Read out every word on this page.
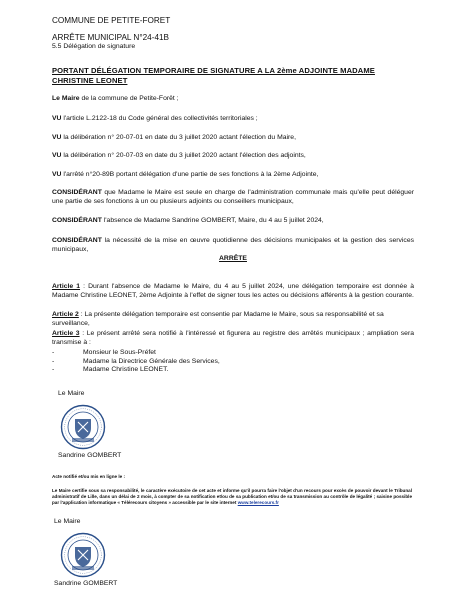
COMMUNE DE PETITE-FORET
ARRÊTE MUNICIPAL N°24-41B
5.5 Délégation de signature
PORTANT DÉLÉGATION TEMPORAIRE DE SIGNATURE A LA 2ème ADJOINTE MADAME CHRISTINE LEONET
Le Maire de la commune de Petite-Forêt ;
VU l'article L.2122-18 du Code général des collectivités territoriales ;
VU la délibération n° 20-07-01 en date du 3 juillet 2020 actant l'élection du Maire,
VU la délibération n° 20-07-03 en date du 3 juillet 2020 actant l'élection des adjoints,
VU l'arrêté n°20-89B portant délégation d'une partie de ses fonctions à la 2ème Adjointe,
CONSIDÉRANT que Madame le Maire est seule en charge de l'administration communale mais qu'elle peut déléguer une partie de ses fonctions à un ou plusieurs adjoints ou conseillers municipaux,
CONSIDÉRANT l'absence de Madame Sandrine GOMBERT, Maire, du 4 au 5 juillet 2024,
CONSIDÉRANT la nécessité de la mise en œuvre quotidienne des décisions municipales et la gestion des services municipaux,
ARRÊTE
Article 1 : Durant l'absence de Madame le Maire, du 4 au 5 juillet 2024, une délégation temporaire est donnée à Madame Christine LEONET, 2ème Adjointe à l'effet de signer tous les actes ou décisions afférents à la gestion courante.
Article 2 : La présente délégation temporaire est consentie par Madame le Maire, sous sa responsabilité et sa surveillance,
Article 3 : Le présent arrêté sera notifié à l'intéressé et figurera au registre des arrêtés municipaux ; ampliation sera transmise à :
-	Monsieur le Sous-Préfet
-	Madame la Directrice Générale des Services,
-	Madame Christine LEONET.
Le Maire
Sandrine GOMBERT
Acte notifié et/ou mis en ligne le :
Le Maire certifie sous sa responsabilité, le caractère exécutoire de cet acte et informe qu'il pourra faire l'objet d'un recours pour excès de pouvoir devant le Tribunal administratif de Lille, dans un délai de 2 mois, à compter de sa notification et/ou de sa publication et/ou de sa transmission au contrôle de légalité ; saisine possible par l'application informatique « Télérecours citoyens » accessible par le site internet www.telerecours.fr
Le Maire
Sandrine GOMBERT
